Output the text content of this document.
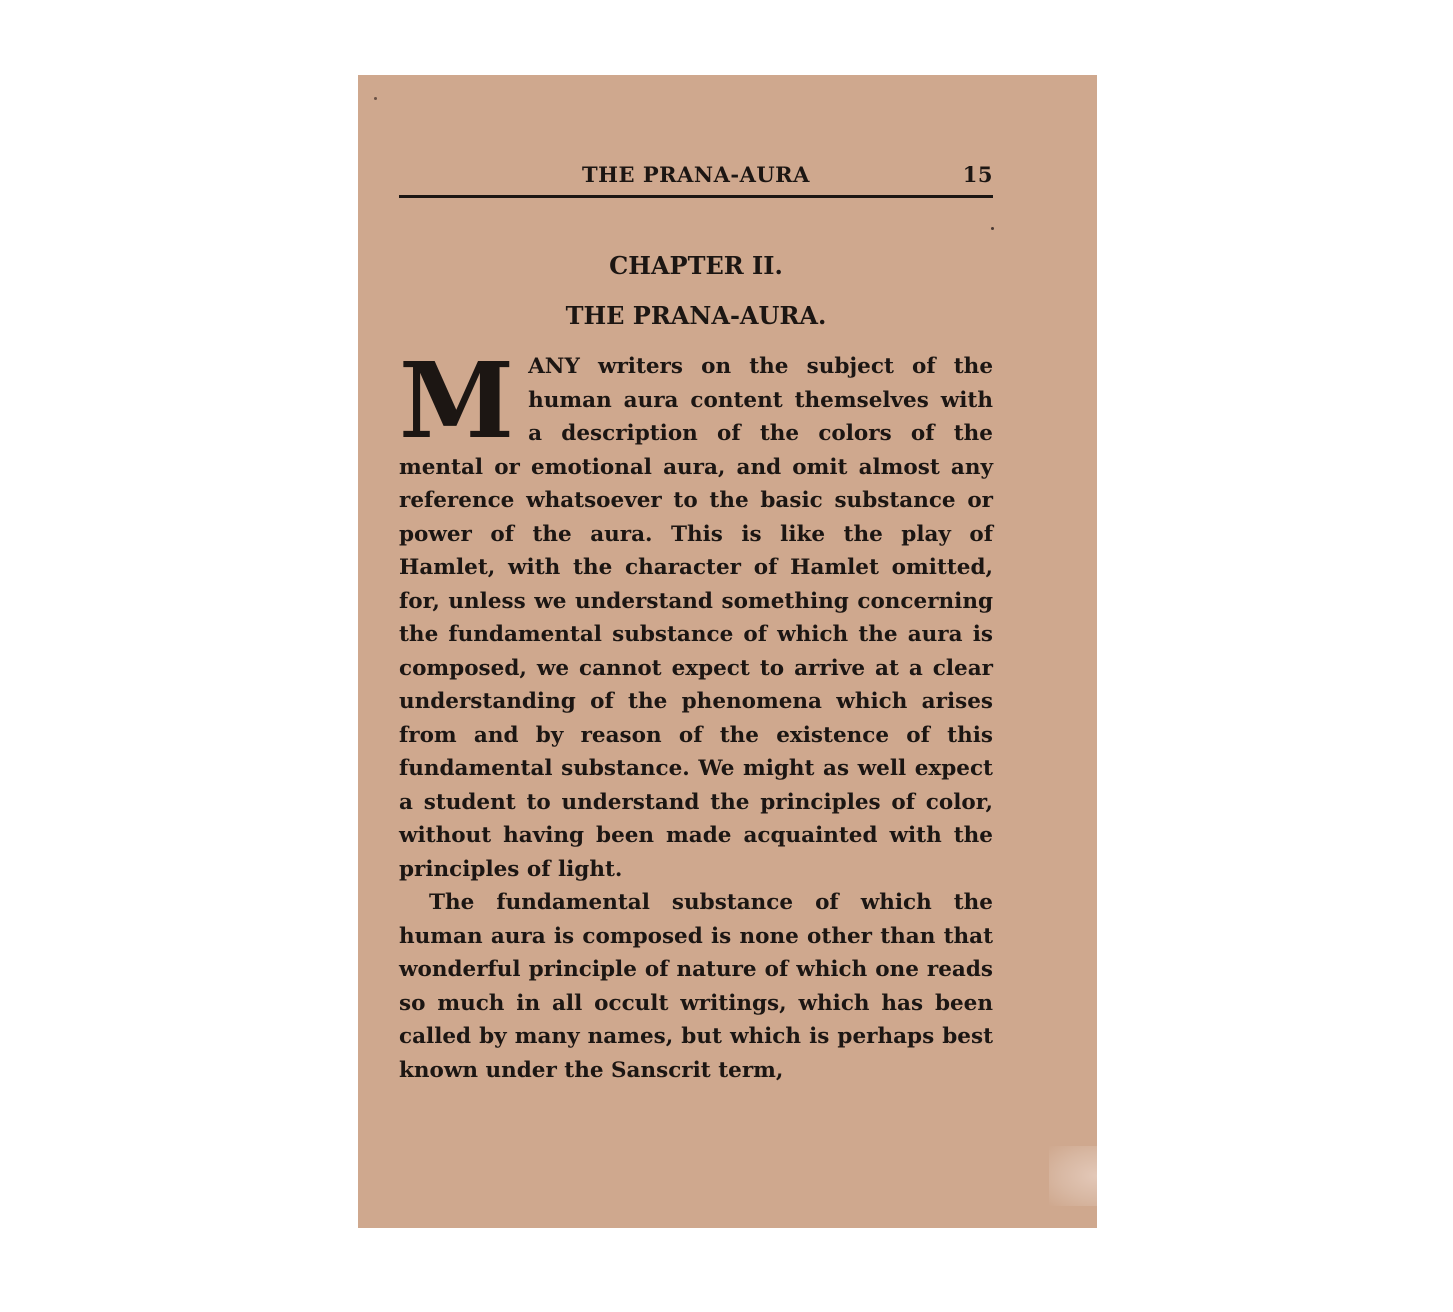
THE PRANA-AURA	15
CHAPTER II.
THE PRANA-AURA.

MANY writers on the subject of the human aura content themselves with a description of the colors of the mental or emotional aura, and omit almost any reference whatsoever to the basic substance or power of the aura. This is like the play of Hamlet, with the character of Hamlet omitted, for, unless we understand something concerning the fundamental substance of which the aura is composed, we cannot expect to arrive at a clear understanding of the phenomena which arises from and by reason of the existence of this fundamental substance. We might as well expect a student to understand the principles of color, without having been made acquainted with the principles of light.

The fundamental substance of which the human aura is composed is none other than that wonderful principle of nature of which one reads so much in all occult writings, which has been called by many names, but which is perhaps best known under the Sanscrit term,
